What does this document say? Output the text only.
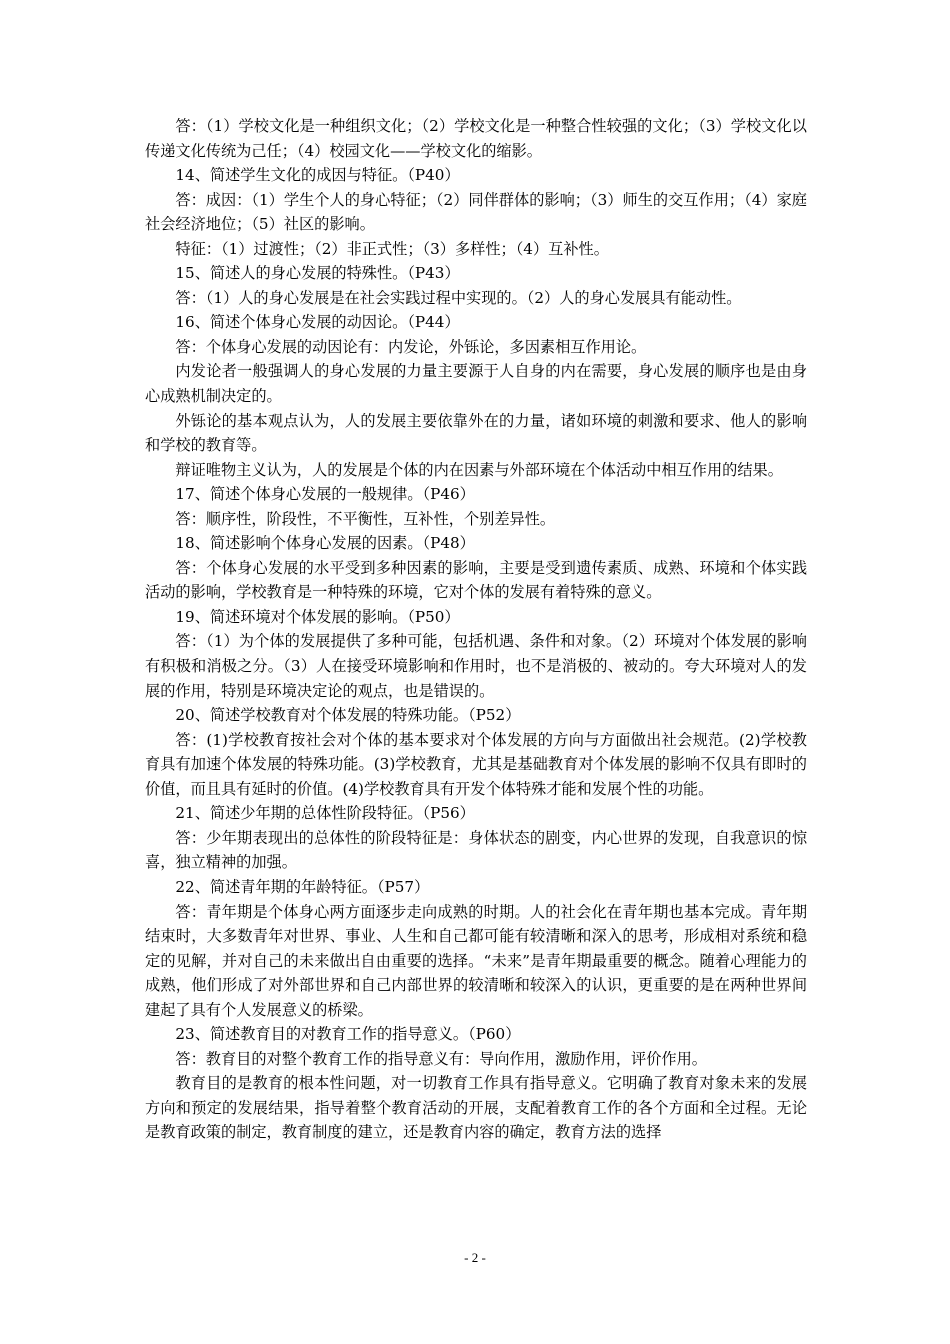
答：（1）学校文化是一种组织文化；（2）学校文化是一种整合性较强的文化；（3）学校文化以传递文化传统为己任；（4）校园文化——学校文化的缩影。

14、简述学生文化的成因与特征。（P40）

答：成因：（1）学生个人的身心特征；（2）同伴群体的影响；（3）师生的交互作用；（4）家庭社会经济地位；（5）社区的影响。

特征：（1）过渡性；（2）非正式性；（3）多样性；（4）互补性。

15、简述人的身心发展的特殊性。（P43）

答：（1）人的身心发展是在社会实践过程中实现的。（2）人的身心发展具有能动性。

16、简述个体身心发展的动因论。（P44）

答：个体身心发展的动因论有：内发论，外铄论，多因素相互作用论。

内发论者一般强调人的身心发展的力量主要源于人自身的内在需要，身心发展的顺序也是由身心成熟机制决定的。

外铄论的基本观点认为，人的发展主要依靠外在的力量，诸如环境的刺激和要求、他人的影响和学校的教育等。

辩证唯物主义认为，人的发展是个体的内在因素与外部环境在个体活动中相互作用的结果。

17、简述个体身心发展的一般规律。（P46）

答：顺序性，阶段性，不平衡性，互补性，个别差异性。

18、简述影响个体身心发展的因素。（P48）

答：个体身心发展的水平受到多种因素的影响，主要是受到遗传素质、成熟、环境和个体实践活动的影响，学校教育是一种特殊的环境，它对个体的发展有着特殊的意义。

19、简述环境对个体发展的影响。（P50）

答：（1）为个体的发展提供了多种可能，包括机遇、条件和对象。（2）环境对个体发展的影响有积极和消极之分。（3）人在接受环境影响和作用时，也不是消极的、被动的。夸大环境对人的发展的作用，特别是环境决定论的观点，也是错误的。

20、简述学校教育对个体发展的特殊功能。（P52）

答：(1)学校教育按社会对个体的基本要求对个体发展的方向与方面做出社会规范。(2)学校教育具有加速个体发展的特殊功能。(3)学校教育，尤其是基础教育对个体发展的影响不仅具有即时的价值，而且具有延时的价值。(4)学校教育具有开发个体特殊才能和发展个性的功能。

21、简述少年期的总体性阶段特征。（P56）

答：少年期表现出的总体性的阶段特征是：身体状态的剧变，内心世界的发现，自我意识的惊喜，独立精神的加强。

22、简述青年期的年龄特征。（P57）

答：青年期是个体身心两方面逐步走向成熟的时期。人的社会化在青年期也基本完成。青年期结束时，大多数青年对世界、事业、人生和自己都可能有较清晰和深入的思考，形成相对系统和稳定的见解，并对自己的未来做出自由重要的选择。“未来”是青年期最重要的概念。随着心理能力的成熟，他们形成了对外部世界和自己内部世界的较清晰和较深入的认识，更重要的是在两种世界间建起了具有个人发展意义的桥梁。

23、简述教育目的对教育工作的指导意义。（P60）

答：教育目的对整个教育工作的指导意义有：导向作用，激励作用，评价作用。

教育目的是教育的根本性问题，对一切教育工作具有指导意义。它明确了教育对象未来的发展方向和预定的发展结果，指导着整个教育活动的开展，支配着教育工作的各个方面和全过程。无论是教育政策的制定，教育制度的建立，还是教育内容的确定，教育方法的选择

- 2 -
